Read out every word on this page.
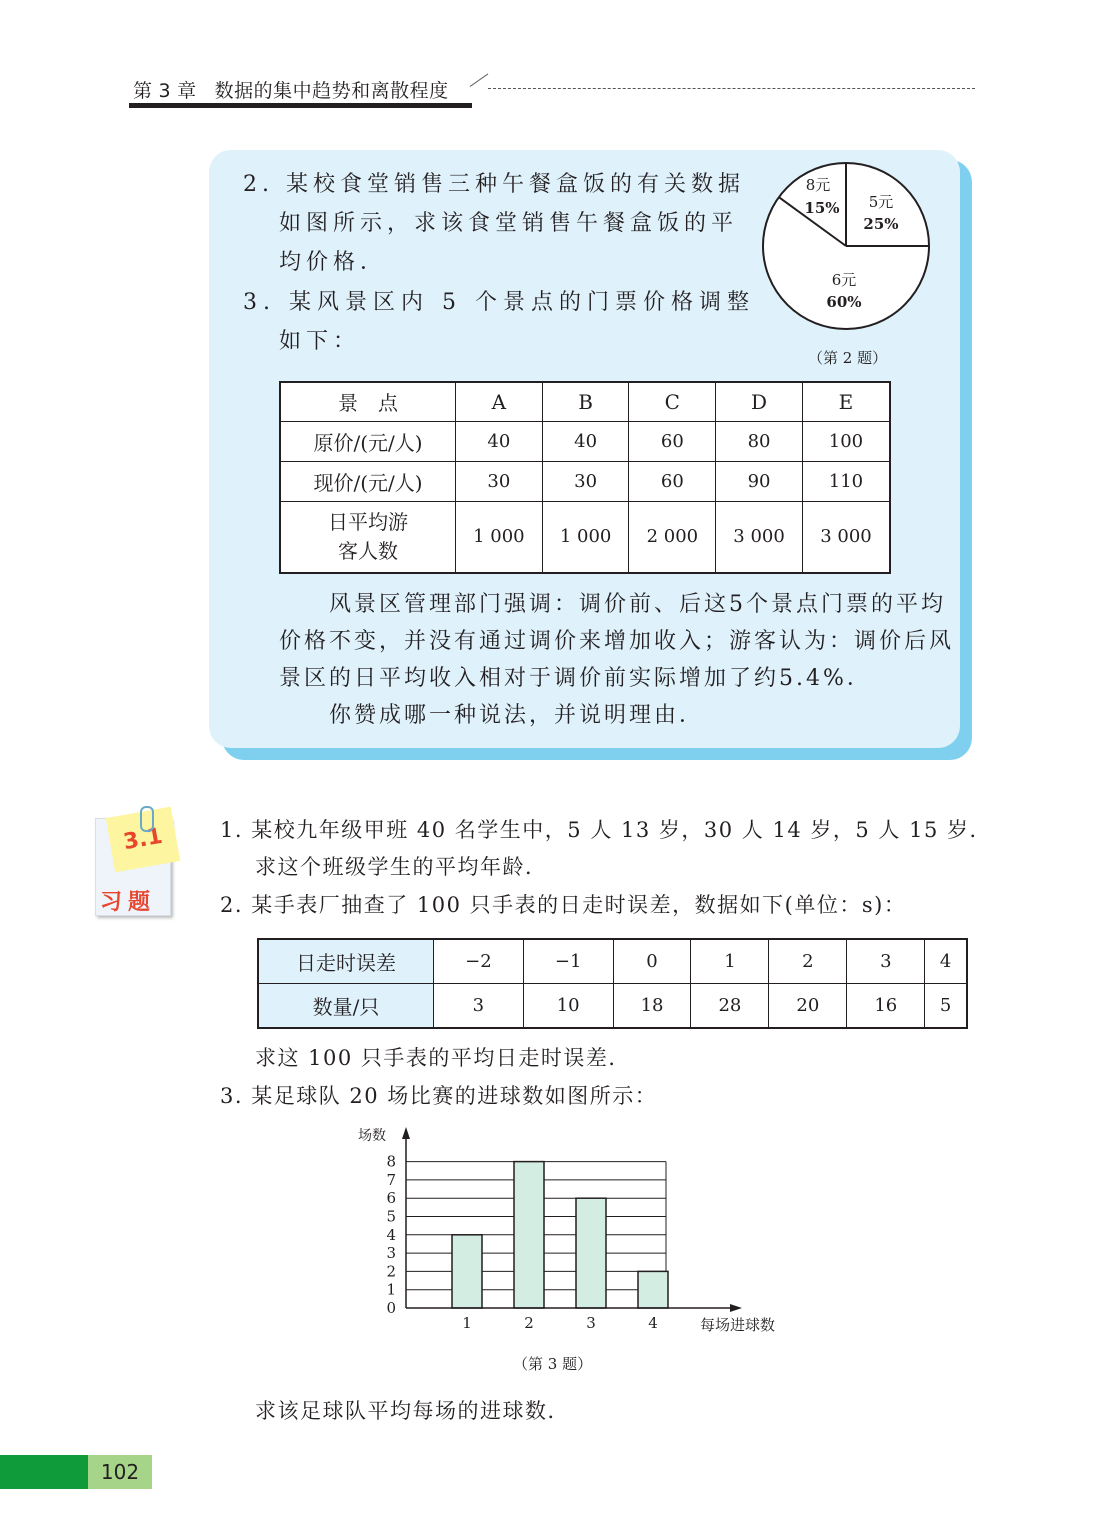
第 3 章 数据的集中趋势和离散程度
2. 某校食堂销售三种午餐盒饭的有关数据
如图所示，求该食堂销售午餐盒饭的平
均价格．
3. 某风景区内 5 个景点的门票价格调整
如下：
5元
25%
6元
60%
8元
15%
（第 2 题）
景　点	A	B	C	D	E
原价/(元/人)	40	40	60	80	100
现价/(元/人)	30	30	60	90	110

日平均游
客人数	1 000	1 000	2 000	3 000	3 000
风景区管理部门强调：调价前、后这5个景点门票的平均
价格不变，并没有通过调价来增加收入；游客认为：调价后风
景区的日平均收入相对于调价前实际增加了约5.4%．
你赞成哪一种说法，并说明理由．
3.1
习题
1. 某校九年级甲班 40 名学生中，5 人 13 岁，30 人 14 岁，5 人 15 岁．
求这个班级学生的平均年龄．
2. 某手表厂抽查了 100 只手表的日走时误差，数据如下(单位：s)：
日走时误差	−2	−1	0	1	2	3	4
数量/只	3	10	18	28	20	16	5
求这 100 只手表的平均日走时误差．
3. 某足球队 20 场比赛的进球数如图所示：
1	2	3	4
0
1
2
3
4
5
6
7
8
场数
每场进球数
（第 3 题）
求该足球队平均每场的进球数．
102
